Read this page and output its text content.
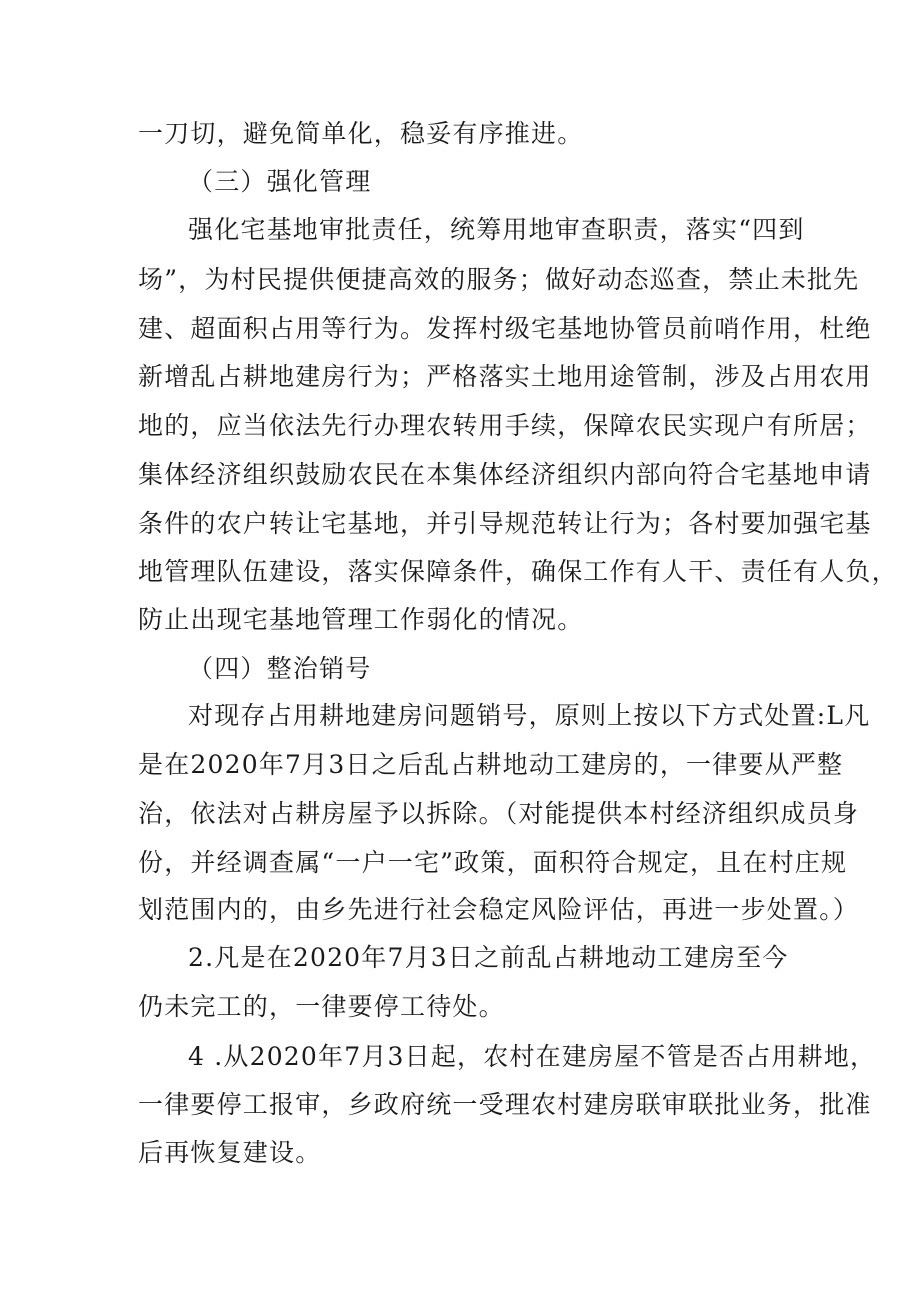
一刀切，避免简单化，稳妥有序推进。
（三）强化管理
强化宅基地审批责任，统筹用地审查职责，落实“四到
场”，为村民提供便捷高效的服务；做好动态巡查，禁止未批先
建、超面积占用等行为。发挥村级宅基地协管员前哨作用，杜绝
新增乱占耕地建房行为；严格落实土地用途管制，涉及占用农用
地的，应当依法先行办理农转用手续，保障农民实现户有所居；
集体经济组织鼓励农民在本集体经济组织内部向符合宅基地申请
条件的农户转让宅基地，并引导规范转让行为；各村要加强宅基
地管理队伍建设，落实保障条件，确保工作有人干、责任有人负，
防止出现宅基地管理工作弱化的情况。
（四）整治销号
对现存占用耕地建房问题销号，原则上按以下方式处置:L凡
是在2020年7月3日之后乱占耕地动工建房的，一律要从严整
治，依法对占耕房屋予以拆除。（对能提供本村经济组织成员身
份，并经调查属“一户一宅”政策，面积符合规定，且在村庄规
划范围内的，由乡先进行社会稳定风险评估，再进一步处置。）
2.凡是在2020年7月3日之前乱占耕地动工建房至今
仍未完工的，一律要停工待处。
4 .从2020年7月3日起，农村在建房屋不管是否占用耕地，
一律要停工报审，乡政府统一受理农村建房联审联批业务，批准
后再恢复建设。
